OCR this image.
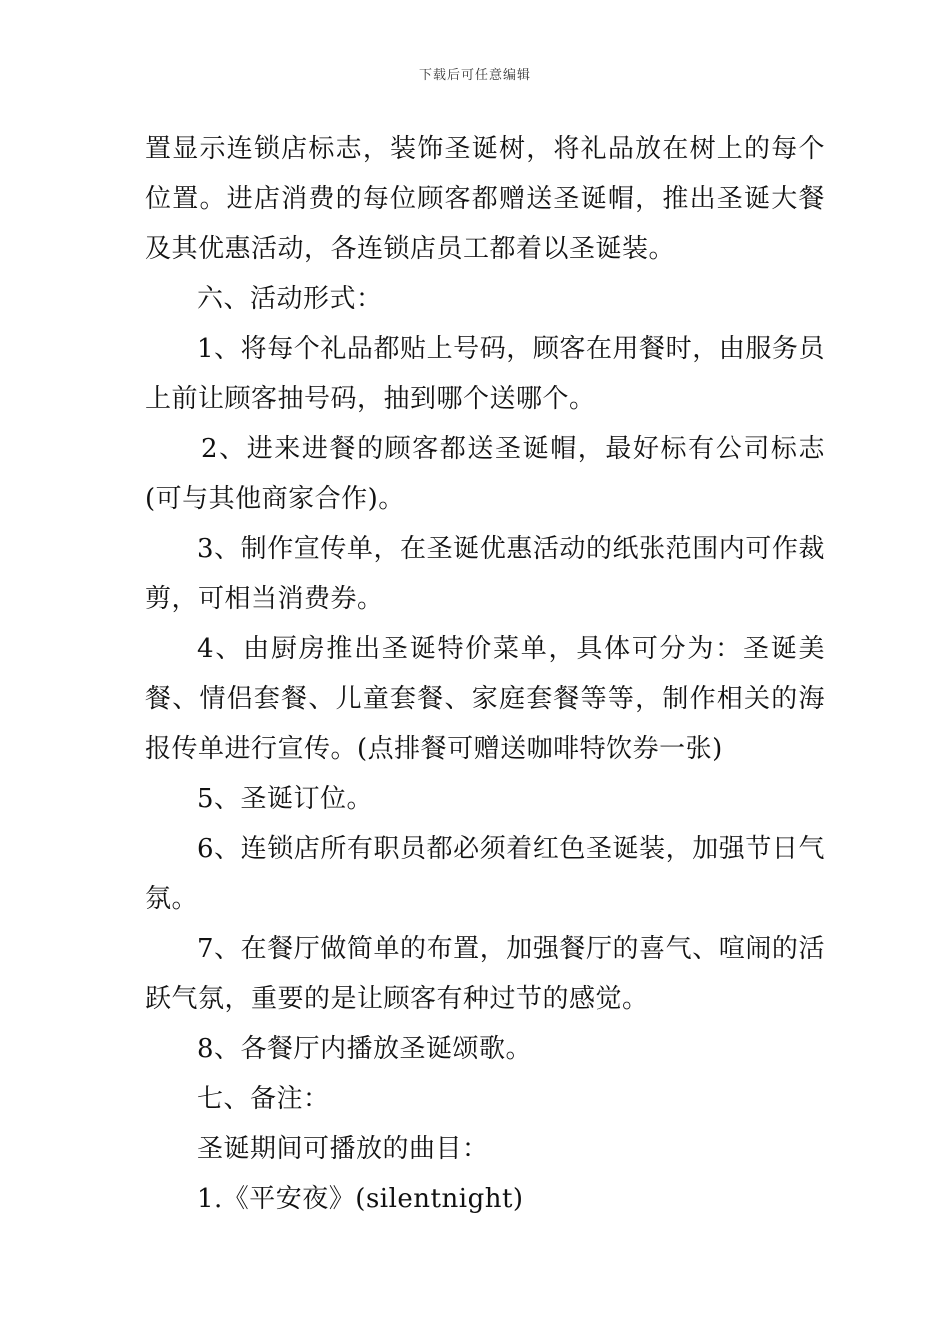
下载后可任意编辑

置显示连锁店标志，装饰圣诞树，将礼品放在树上的每个位置。进店消费的每位顾客都赠送圣诞帽，推出圣诞大餐及其优惠活动，各连锁店员工都着以圣诞装。

六、活动形式：

1、将每个礼品都贴上号码，顾客在用餐时，由服务员上前让顾客抽号码，抽到哪个送哪个。

2、进来进餐的顾客都送圣诞帽，最好标有公司标志(可与其他商家合作)。

3、制作宣传单，在圣诞优惠活动的纸张范围内可作裁剪，可相当消费券。

4、由厨房推出圣诞特价菜单，具体可分为：圣诞美餐、情侣套餐、儿童套餐、家庭套餐等等，制作相关的海报传单进行宣传。(点排餐可赠送咖啡特饮券一张)

5、圣诞订位。

6、连锁店所有职员都必须着红色圣诞装，加强节日气氛。

7、在餐厅做简单的布置，加强餐厅的喜气、喧闹的活跃气氛，重要的是让顾客有种过节的感觉。

8、各餐厅内播放圣诞颂歌。

七、备注：

圣诞期间可播放的曲目：

1.《平安夜》(silentnight)
